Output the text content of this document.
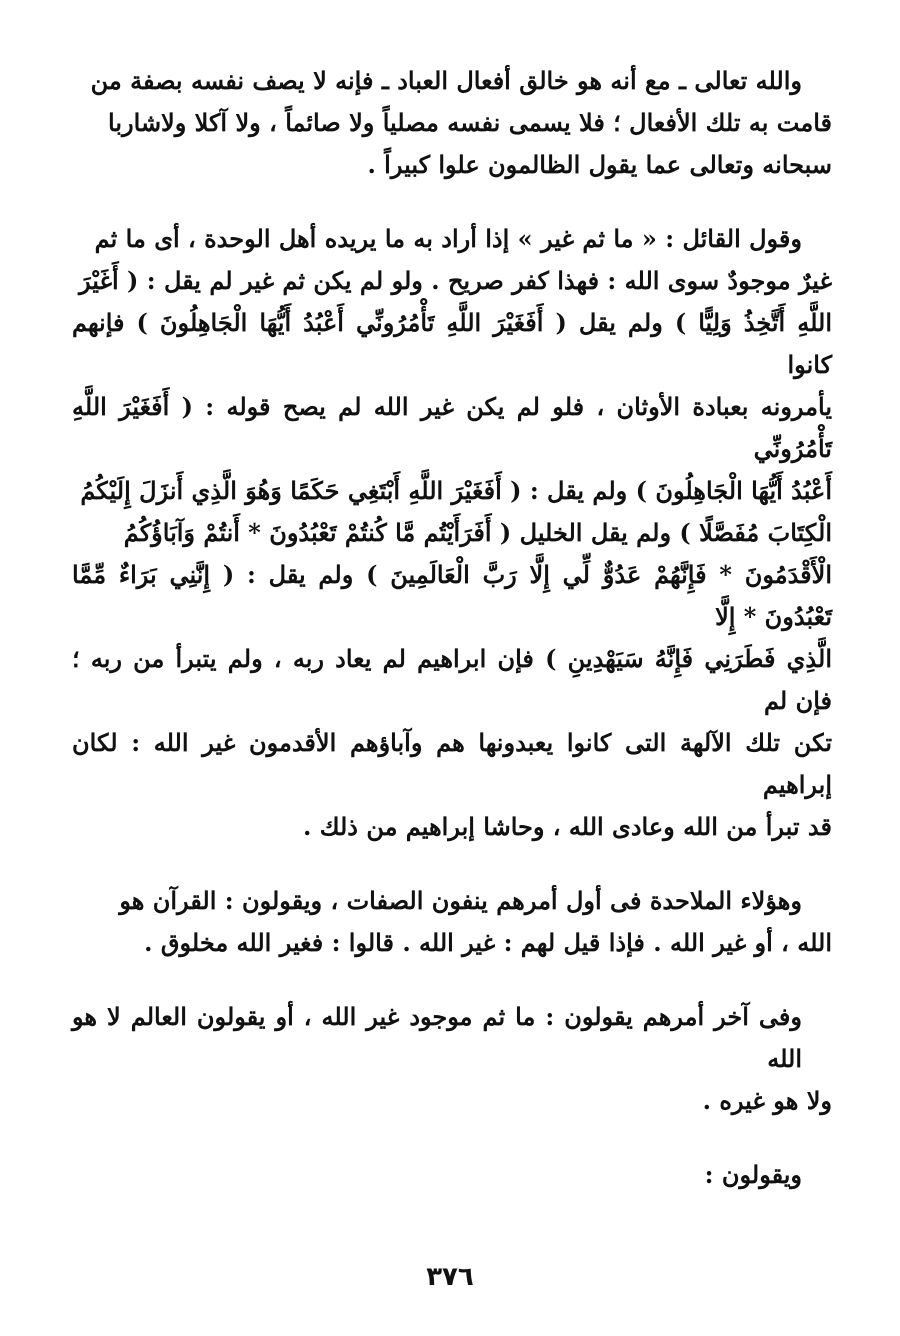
والله تعالى ـ مع أنه هو خالق أفعال العباد ـ فإنه لا يصف نفسه بصفة من
قامت به تلك الأفعال ؛ فلا يسمى نفسه مصلياً ولا صائماً ، ولا آكلا ولاشاربا
سبحانه وتعالى عما يقول الظالمون علوا كبيراً .

وقول القائل : « ما ثم غير » إذا أراد به ما يريده أهل الوحدة ، أى ما ثم
غيرٌ موجودٌ سوى الله : فهذا كفر صريح . ولو لم يكن ثم غير لم يقل : ( أَغَيْرَ
اللَّهِ أَتَّخِذُ وَلِيًّا ) ولم يقل ( أَفَغَيْرَ اللَّهِ تَأْمُرُونِّي أَعْبُدُ أَيُّهَا الْجَاهِلُونَ ) فإنهم كانوا
يأمرونه بعبادة الأوثان ، فلو لم يكن غير الله لم يصح قوله : ( أَفَغَيْرَ اللَّهِ تَأْمُرُونِّي
أَعْبُدُ أَيُّهَا الْجَاهِلُونَ ) ولم يقل : ( أَفَغَيْرَ اللَّهِ أَبْتَغِي حَكَمًا وَهُوَ الَّذِي أَنزَلَ إِلَيْكُمُ
الْكِتَابَ مُفَصَّلًا ) ولم يقل الخليل ( أَفَرَأَيْتُم مَّا كُنتُمْ تَعْبُدُونَ * أَنتُمْ وَآبَاؤُكُمُ
الْأَقْدَمُونَ * فَإِنَّهُمْ عَدُوٌّ لِّي إِلَّا رَبَّ الْعَالَمِينَ ) ولم يقل : ( إِنَّنِي بَرَاءٌ مِّمَّا تَعْبُدُونَ * إِلَّا
الَّذِي فَطَرَنِي فَإِنَّهُ سَيَهْدِينِ ) فإن ابراهيم لم يعاد ربه ، ولم يتبرأ من ربه ؛ فإن لم
تكن تلك الآلهة التى كانوا يعبدونها هم وآباؤهم الأقدمون غير الله : لكان إبراهيم
قد تبرأ من الله وعادى الله ، وحاشا إبراهيم من ذلك .

وهؤلاء الملاحدة فى أول أمرهم ينفون الصفات ، ويقولون : القرآن هو
الله ، أو غير الله . فإذا قيل لهم : غير الله . قالوا : فغير الله مخلوق .

وفى آخر أمرهم يقولون : ما ثم موجود غير الله ، أو يقولون العالم لا هو الله
ولا هو غيره .

ويقولون :

٣٧٦
